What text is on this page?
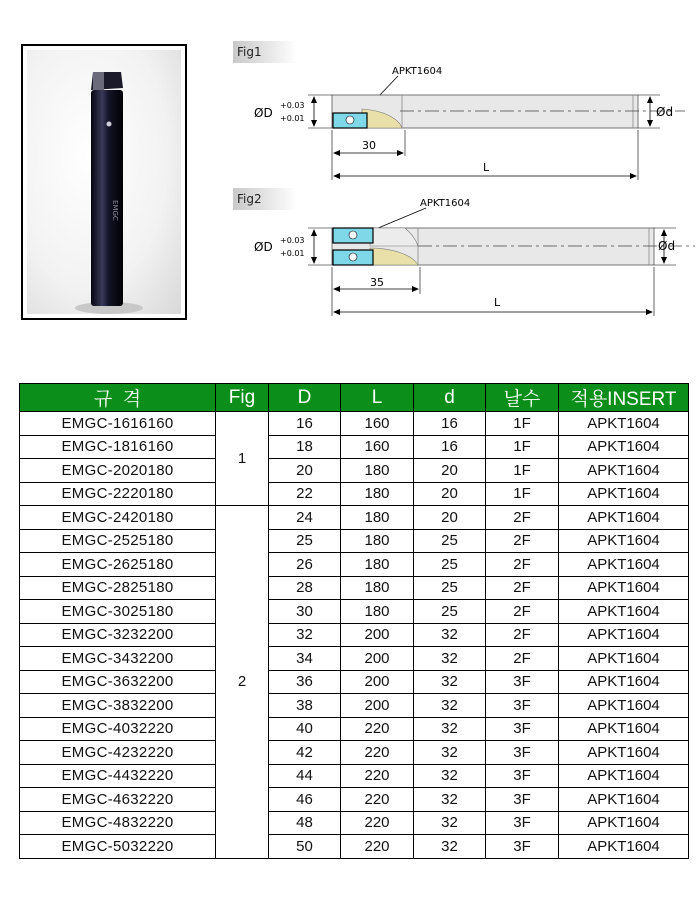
EMGC
Fig1
APKT1604
ØD
+0.03
+0.01	Ød
30
L
Fig2	APKT1604
ØD +0.03
+0.01
Ød
35
L
규  격	Fig	D	L	d	날수	적용INSERT
EMGC-1616160	1	16	160	16	1F	APKT1604
EMGC-1816160		18	160	16	1F	APKT1604
EMGC-2020180		20	180	20	1F	APKT1604
EMGC-2220180		22	180	20	1F	APKT1604
EMGC-2420180	2	24	180	20	2F	APKT1604
EMGC-2525180		25	180	25	2F	APKT1604
EMGC-2625180		26	180	25	2F	APKT1604
EMGC-2825180		28	180	25	2F	APKT1604
EMGC-3025180		30	180	25	2F	APKT1604
EMGC-3232200		32	200	32	2F	APKT1604
EMGC-3432200		34	200	32	2F	APKT1604
EMGC-3632200		36	200	32	3F	APKT1604
EMGC-3832200		38	200	32	3F	APKT1604
EMGC-4032220		40	220	32	3F	APKT1604
EMGC-4232220		42	220	32	3F	APKT1604
EMGC-4432220		44	220	32	3F	APKT1604
EMGC-4632220		46	220	32	3F	APKT1604
EMGC-4832220		48	220	32	3F	APKT1604
EMGC-5032220		50	220	32	3F	APKT1604
